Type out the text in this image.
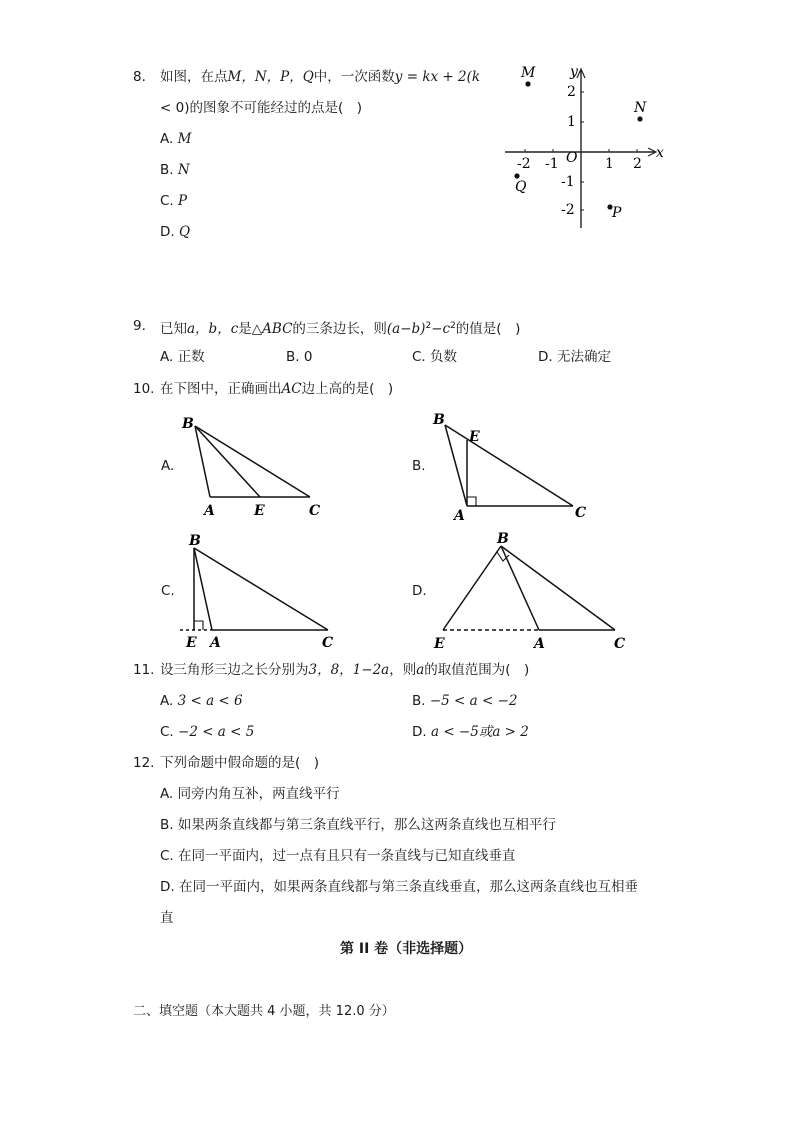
8. 如图，在点M，N，P，Q中，一次函数y = kx + 2(k
< 0)的图象不可能经过的点是(　)
A. M
B. N
C. P
D. Q
x
y
O
-2 -1	1 2
2
1
-1
-2
M
N
P
Q
9. 已知a，b，c是△ABC的三条边长，则$(a-b)^2-c^2$的值是(　)
A. 正数	B. 0	C. 负数	D. 无法确定
10. 在下图中，正确画出AC边上高的是(　)
A.	B.
C.	D.
B
A	E	C
B
E
A	C
B
E A	C
B
E	A	C
11. 设三角形三边之长分别为3，8，1−2a，则a的取值范围为(　)
A. 3 < a < 6	B. −5 < a < −2
C. −2 < a < 5	D. a < −5或a > 2
12. 下列命题中假命题的是(　)
A. 同旁内角互补，两直线平行
B. 如果两条直线都与第三条直线平行，那么这两条直线也互相平行
C. 在同一平面内，过一点有且只有一条直线与已知直线垂直
D. 在同一平面内，如果两条直线都与第三条直线垂直，那么这两条直线也互相垂
直
第 II 卷（非选择题）
二、填空题（本大题共 4 小题，共 12.0 分）
